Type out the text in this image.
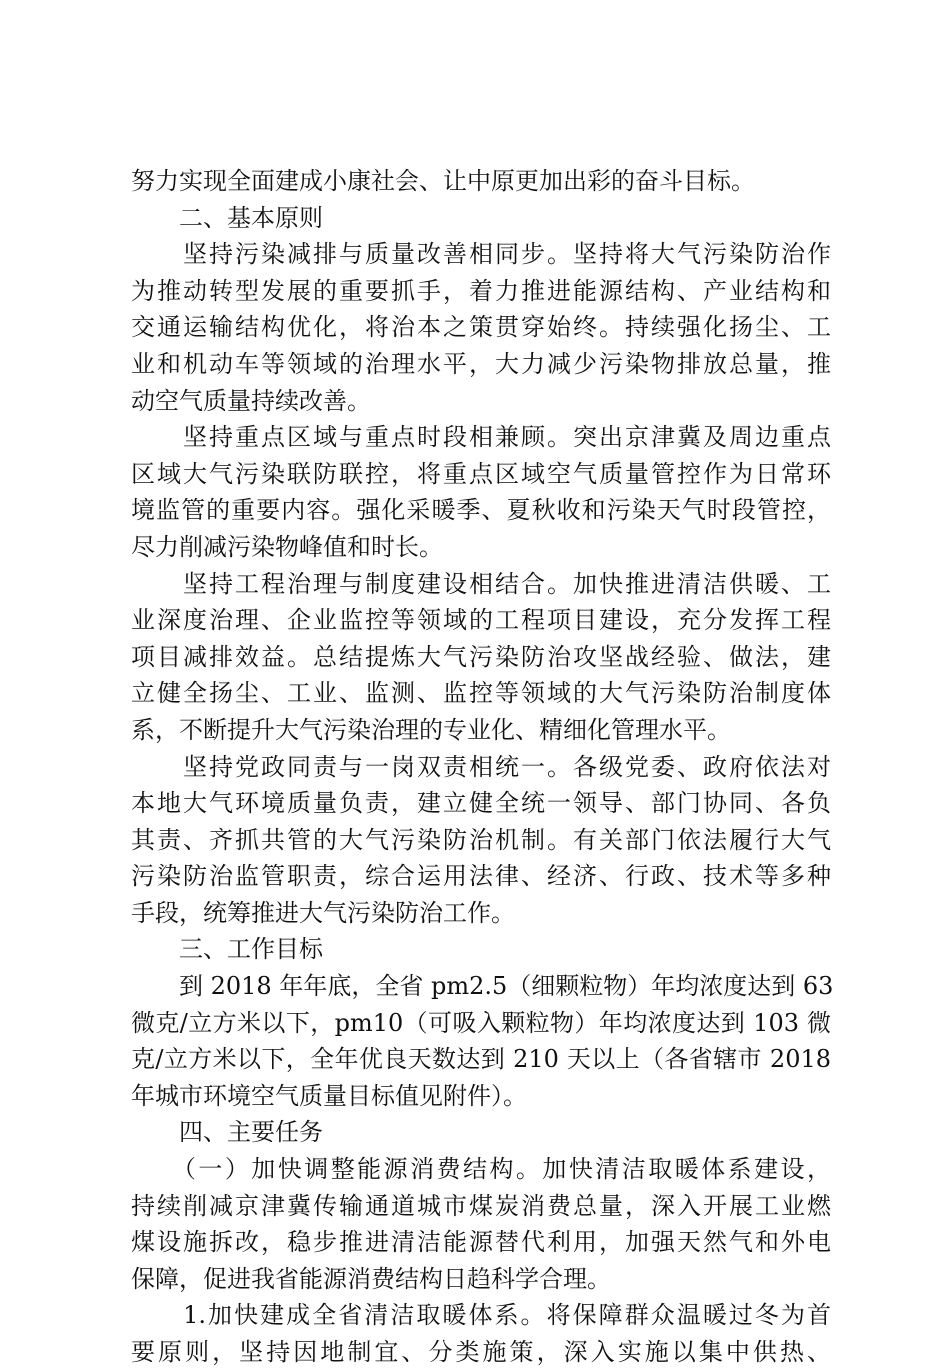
努力实现全面建成小康社会、让中原更加出彩的奋斗目标。
　　二、基本原则
　　坚持污染减排与质量改善相同步。坚持将大气污染防治作
为推动转型发展的重要抓手，着力推进能源结构、产业结构和
交通运输结构优化，将治本之策贯穿始终。持续强化扬尘、工
业和机动车等领域的治理水平，大力减少污染物排放总量，推
动空气质量持续改善。
　　坚持重点区域与重点时段相兼顾。突出京津冀及周边重点
区域大气污染联防联控，将重点区域空气质量管控作为日常环
境监管的重要内容。强化采暖季、夏秋收和污染天气时段管控，
尽力削减污染物峰值和时长。
　　坚持工程治理与制度建设相结合。加快推进清洁供暖、工
业深度治理、企业监控等领域的工程项目建设，充分发挥工程
项目减排效益。总结提炼大气污染防治攻坚战经验、做法，建
立健全扬尘、工业、监测、监控等领域的大气污染防治制度体
系，不断提升大气污染治理的专业化、精细化管理水平。
　　坚持党政同责与一岗双责相统一。各级党委、政府依法对
本地大气环境质量负责，建立健全统一领导、部门协同、各负
其责、齐抓共管的大气污染防治机制。有关部门依法履行大气
污染防治监管职责，综合运用法律、经济、行政、技术等多种
手段，统筹推进大气污染防治工作。
　　三、工作目标
　　到 2018 年年底，全省 pm2.5（细颗粒物）年均浓度达到 63
微克/立方米以下，pm10（可吸入颗粒物）年均浓度达到 103 微
克/立方米以下，全年优良天数达到 210 天以上（各省辖市 2018
年城市环境空气质量目标值见附件）。
　　四、主要任务
　　（一）加快调整能源消费结构。加快清洁取暖体系建设，
持续削减京津冀传输通道城市煤炭消费总量，深入开展工业燃
煤设施拆改，稳步推进清洁能源替代利用，加强天然气和外电
保障，促进我省能源消费结构日趋科学合理。
　　1.加快建成全省清洁取暖体系。将保障群众温暖过冬为首
要原则，坚持因地制宜、分类施策，深入实施以集中供热、
